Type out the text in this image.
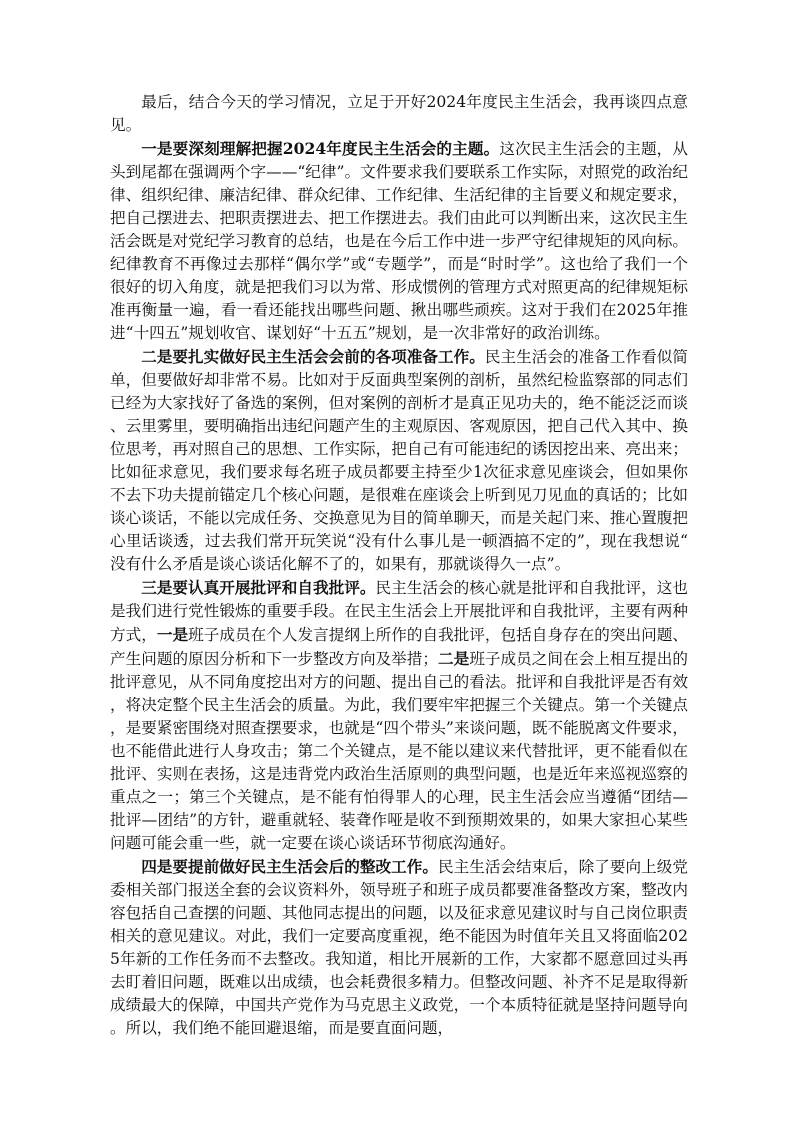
最后，结合今天的学习情况，立足于开好2024年度民主生活会，我再谈四点意见。

一是要深刻理解把握2024年度民主生活会的主题。这次民主生活会的主题，从头到尾都在强调两个字——“纪律”。文件要求我们要联系工作实际，对照党的政治纪律、组织纪律、廉洁纪律、群众纪律、工作纪律、生活纪律的主旨要义和规定要求，把自己摆进去、把职责摆进去、把工作摆进去。我们由此可以判断出来，这次民主生活会既是对党纪学习教育的总结，也是在今后工作中进一步严守纪律规矩的风向标。纪律教育不再像过去那样“偶尔学”或“专题学”，而是“时时学”。这也给了我们一个很好的切入角度，就是把我们习以为常、形成惯例的管理方式对照更高的纪律规矩标准再衡量一遍，看一看还能找出哪些问题、揪出哪些顽疾。这对于我们在2025年推进“十四五”规划收官、谋划好“十五五”规划，是一次非常好的政治训练。

二是要扎实做好民主生活会会前的各项准备工作。民主生活会的准备工作看似简单，但要做好却非常不易。比如对于反面典型案例的剖析，虽然纪检监察部的同志们已经为大家找好了备选的案例，但对案例的剖析才是真正见功夫的，绝不能泛泛而谈、云里雾里，要明确指出违纪问题产生的主观原因、客观原因，把自己代入其中、换位思考，再对照自己的思想、工作实际，把自己有可能违纪的诱因挖出来、亮出来；比如征求意见，我们要求每名班子成员都要主持至少1次征求意见座谈会，但如果你不去下功夫提前锚定几个核心问题，是很难在座谈会上听到见刀见血的真话的；比如谈心谈话，不能以完成任务、交换意见为目的简单聊天，而是关起门来、推心置腹把心里话谈透，过去我们常开玩笑说“没有什么事儿是一顿酒搞不定的”，现在我想说“没有什么矛盾是谈心谈话化解不了的，如果有，那就谈得久一点”。

三是要认真开展批评和自我批评。民主生活会的核心就是批评和自我批评，这也是我们进行党性锻炼的重要手段。在民主生活会上开展批评和自我批评，主要有两种方式，一是班子成员在个人发言提纲上所作的自我批评，包括自身存在的突出问题、产生问题的原因分析和下一步整改方向及举措；二是班子成员之间在会上相互提出的批评意见，从不同角度挖出对方的问题、提出自己的看法。批评和自我批评是否有效，将决定整个民主生活会的质量。为此，我们要牢牢把握三个关键点。第一个关键点，是要紧密围绕对照查摆要求，也就是“四个带头”来谈问题，既不能脱离文件要求，也不能借此进行人身攻击；第二个关键点，是不能以建议来代替批评，更不能看似在批评、实则在表扬，这是违背党内政治生活原则的典型问题，也是近年来巡视巡察的重点之一；第三个关键点，是不能有怕得罪人的心理，民主生活会应当遵循“团结—批评—团结”的方针，避重就轻、装聋作哑是收不到预期效果的，如果大家担心某些问题可能会重一些，就一定要在谈心谈话环节彻底沟通好。

四是要提前做好民主生活会后的整改工作。民主生活会结束后，除了要向上级党委相关部门报送全套的会议资料外，领导班子和班子成员都要准备整改方案，整改内容包括自己查摆的问题、其他同志提出的问题，以及征求意见建议时与自己岗位职责相关的意见建议。对此，我们一定要高度重视，绝不能因为时值年关且又将面临2025年新的工作任务而不去整改。我知道，相比开展新的工作，大家都不愿意回过头再去盯着旧问题，既难以出成绩，也会耗费很多精力。但整改问题、补齐不足是取得新成绩最大的保障，中国共产党作为马克思主义政党，一个本质特征就是坚持问题导向。所以，我们绝不能回避退缩，而是要直面问题，
